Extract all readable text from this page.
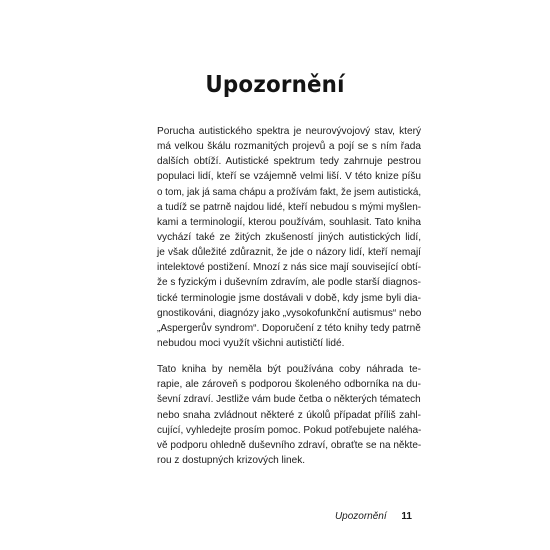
Upozornění
Porucha autistického spektra je neurovývojový stav, který
má velkou škálu rozmanitých projevů a pojí se s ním řada
dalších obtíží. Autistické spektrum tedy zahrnuje pestrou
populaci lidí, kteří se vzájemně velmi liší. V této knize píšu
o tom, jak já sama chápu a prožívám fakt, že jsem autistická,
a tudíž se patrně najdou lidé, kteří nebudou s mými myšlen-
kami a terminologií, kterou používám, souhlasit. Tato kniha
vychází také ze žitých zkušeností jiných autistických lidí,
je však důležité zdůraznit, že jde o názory lidí, kteří nemají
intelektové postižení. Mnozí z nás sice mají související obtí-
že s fyzickým i duševním zdravím, ale podle starší diagnos-
tické terminologie jsme dostávali v době, kdy jsme byli dia-
gnostikováni, diagnózy jako „vysokofunkční autismus“ nebo
„Aspergerův syndrom“. Doporučení z této knihy tedy patrně
nebudou moci využít všichni autističtí lidé.
Tato kniha by neměla být používána coby náhrada te-
rapie, ale zároveň s podporou školeného odborníka na du-
ševní zdraví. Jestliže vám bude četba o některých tématech
nebo snaha zvládnout některé z úkolů případat příliš zahl-
cující, vyhledejte prosím pomoc. Pokud potřebujete naléha-
vě podporu ohledně duševního zdraví, obraťte se na někte-
rou z dostupných krizových linek.
Upozornění 11
